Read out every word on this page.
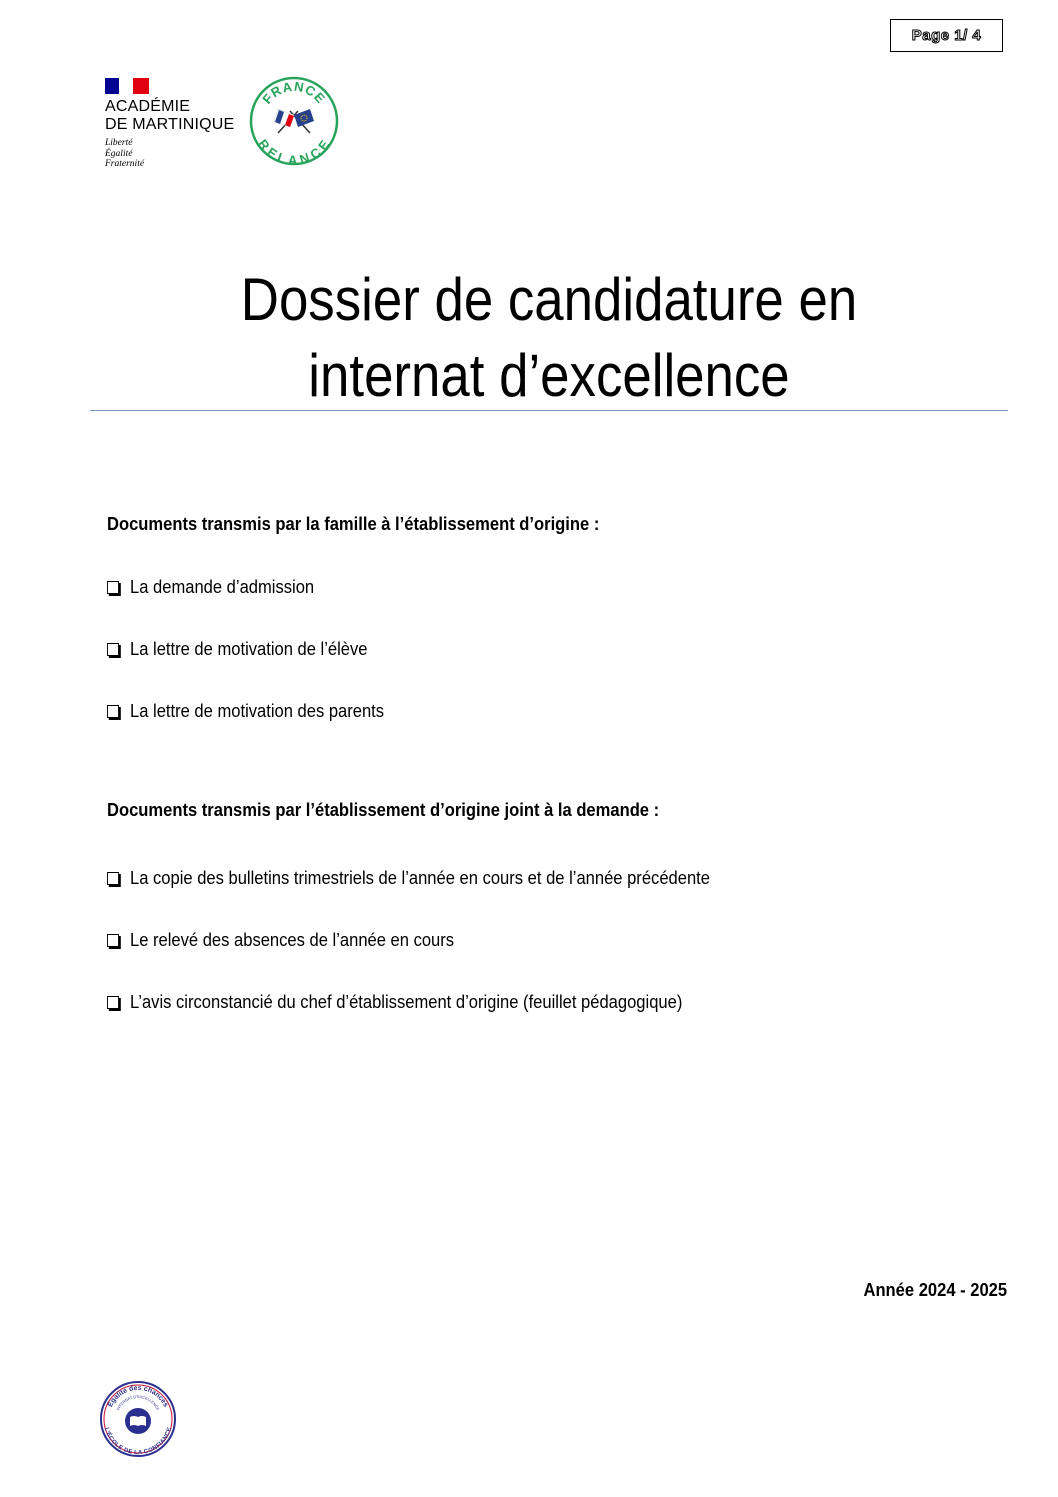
Page 1/ 4
ACADÉMIE
DE MARTINIQUE
Liberté
Égalité
Fraternité
FRANCE
RELANCE
Dossier de candidature en
internat d’excellence
Documents transmis par la famille à l’établissement d’origine :
La demande d’admission
La lettre de motivation de l’élève
La lettre de motivation des parents
Documents transmis par l’établissement d’origine joint à la demande :
La copie des bulletins trimestriels de l’année en cours et de l’année précédente
Le relevé des absences de l’année en cours
L’avis circonstancié du chef d’établissement d’origine (feuillet pédagogique)
Année 2024 - 2025
Égalité des chances
INTERNAT D'EXCELLENCE
L'ÉCOLE DE LA CONFIANCE
